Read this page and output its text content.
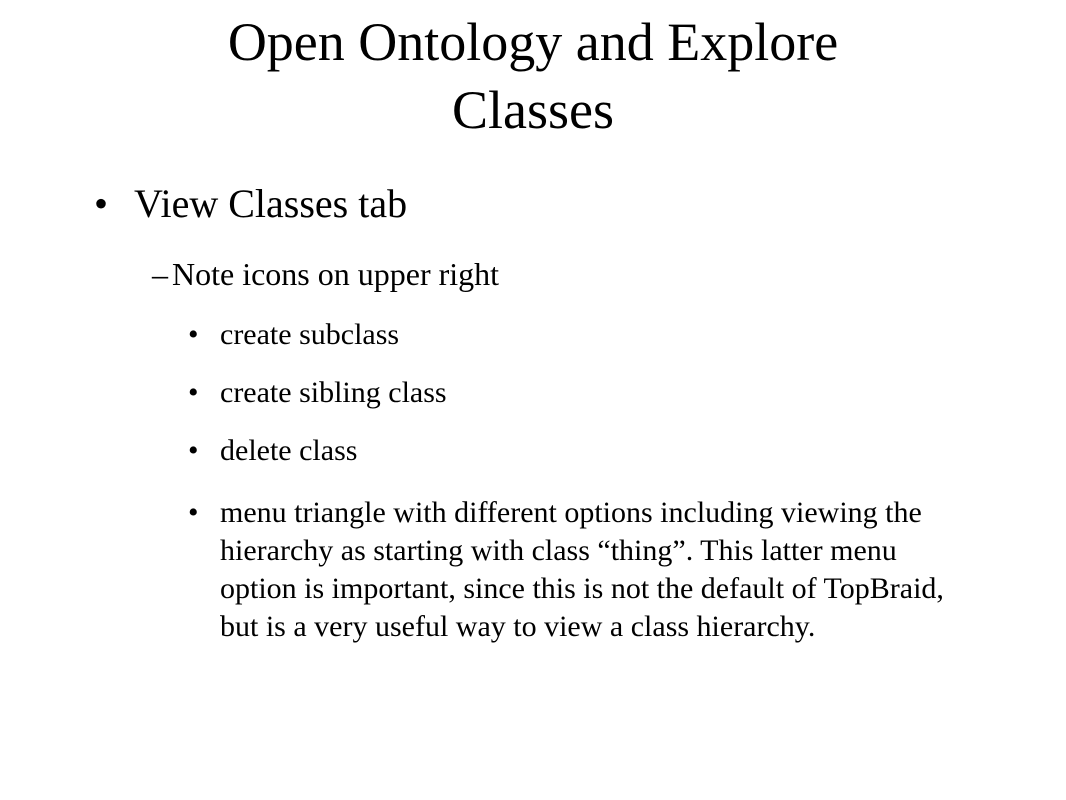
Open Ontology and Explore
Classes
• View Classes tab
– Note icons on upper right
• create subclass
• create sibling class
• delete class
• menu triangle with different options including viewing the hierarchy as starting with class “thing”. This latter menu option is important, since this is not the default of TopBraid, but is a very useful way to view a class hierarchy.
